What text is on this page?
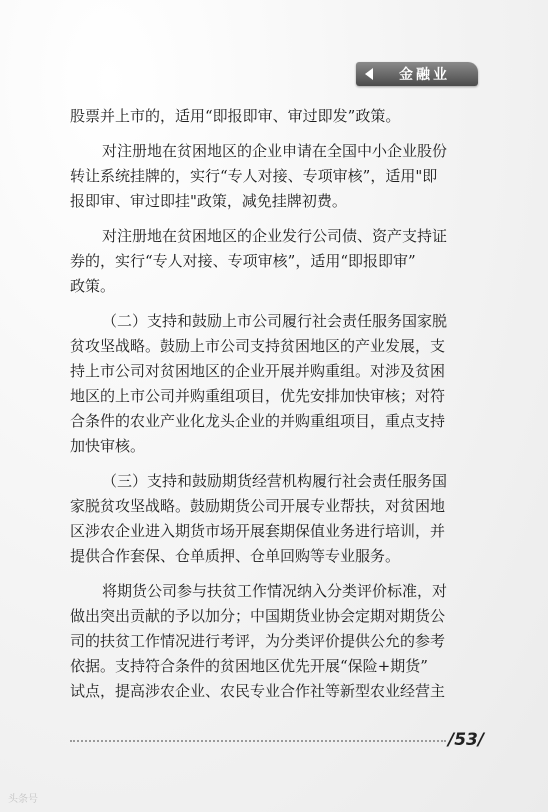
金融业
股票并上市的，适用“即报即审、审过即发”政策。
对注册地在贫困地区的企业申请在全国中小企业股份
转让系统挂牌的，实行“专人对接、专项审核”，适用"即
报即审、审过即挂"政策，减免挂牌初费。
对注册地在贫困地区的企业发行公司债、资产支持证
券的，实行“专人对接、专项审核”，适用“即报即审”
政策。
（二）支持和鼓励上市公司履行社会责任服务国家脱
贫攻坚战略。鼓励上市公司支持贫困地区的产业发展，支
持上市公司对贫困地区的企业开展并购重组。对涉及贫困
地区的上市公司并购重组项目，优先安排加快审核；对符
合条件的农业产业化龙头企业的并购重组项目，重点支持
加快审核。
（三）支持和鼓励期货经营机构履行社会责任服务国
家脱贫攻坚战略。鼓励期货公司开展专业帮扶，对贫困地
区涉农企业进入期货市场开展套期保值业务进行培训，并
提供合作套保、仓单质押、仓单回购等专业服务。
将期货公司参与扶贫工作情况纳入分类评价标准，对
做出突出贡献的予以加分；中国期货业协会定期对期货公
司的扶贫工作情况进行考评，为分类评价提供公允的参考
依据。支持符合条件的贫困地区优先开展“保险+期货”
试点，提高涉农企业、农民专业合作社等新型农业经营主
/53/
头条号
